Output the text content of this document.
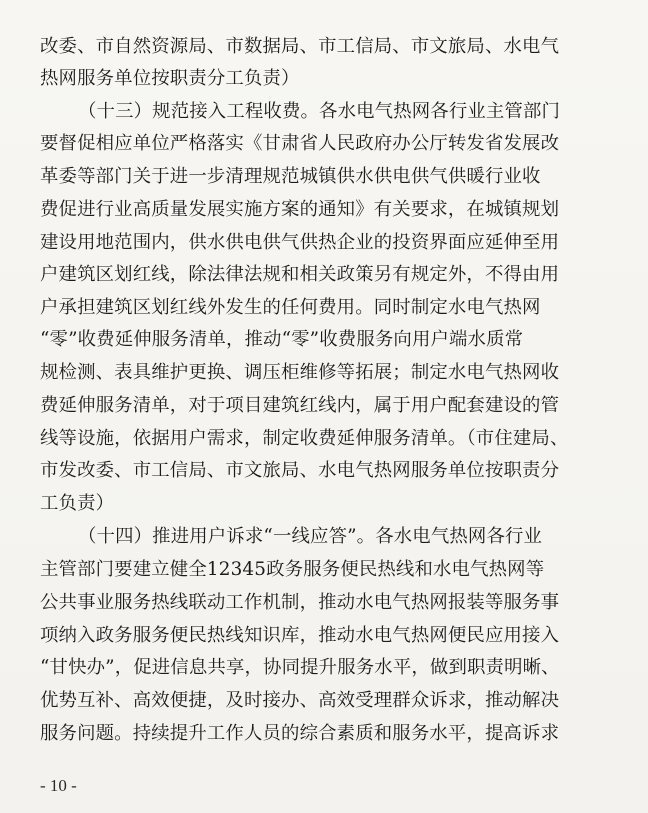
改委、市自然资源局、市数据局、市工信局、市文旅局、水电气
热网服务单位按职责分工负责）
（十三）规范接入工程收费。各水电气热网各行业主管部门
要督促相应单位严格落实《甘肃省人民政府办公厅转发省发展改
革委等部门关于进一步清理规范城镇供水供电供气供暖行业收
费促进行业高质量发展实施方案的通知》有关要求，在城镇规划
建设用地范围内，供水供电供气供热企业的投资界面应延伸至用
户建筑区划红线，除法律法规和相关政策另有规定外，不得由用
户承担建筑区划红线外发生的任何费用。同时制定水电气热网
“零”收费延伸服务清单，推动“零”收费服务向用户端水质常
规检测、表具维护更换、调压柜维修等拓展；制定水电气热网收
费延伸服务清单，对于项目建筑红线内，属于用户配套建设的管
线等设施，依据用户需求，制定收费延伸服务清单。（市住建局、
市发改委、市工信局、市文旅局、水电气热网服务单位按职责分
工负责）
（十四）推进用户诉求“一线应答”。各水电气热网各行业
主管部门要建立健全12345政务服务便民热线和水电气热网等
公共事业服务热线联动工作机制，推动水电气热网报装等服务事
项纳入政务服务便民热线知识库，推动水电气热网便民应用接入
“甘快办”，促进信息共享，协同提升服务水平，做到职责明晰、
优势互补、高效便捷，及时接办、高效受理群众诉求，推动解决
服务问题。持续提升工作人员的综合素质和服务水平，提高诉求
- 10 -
